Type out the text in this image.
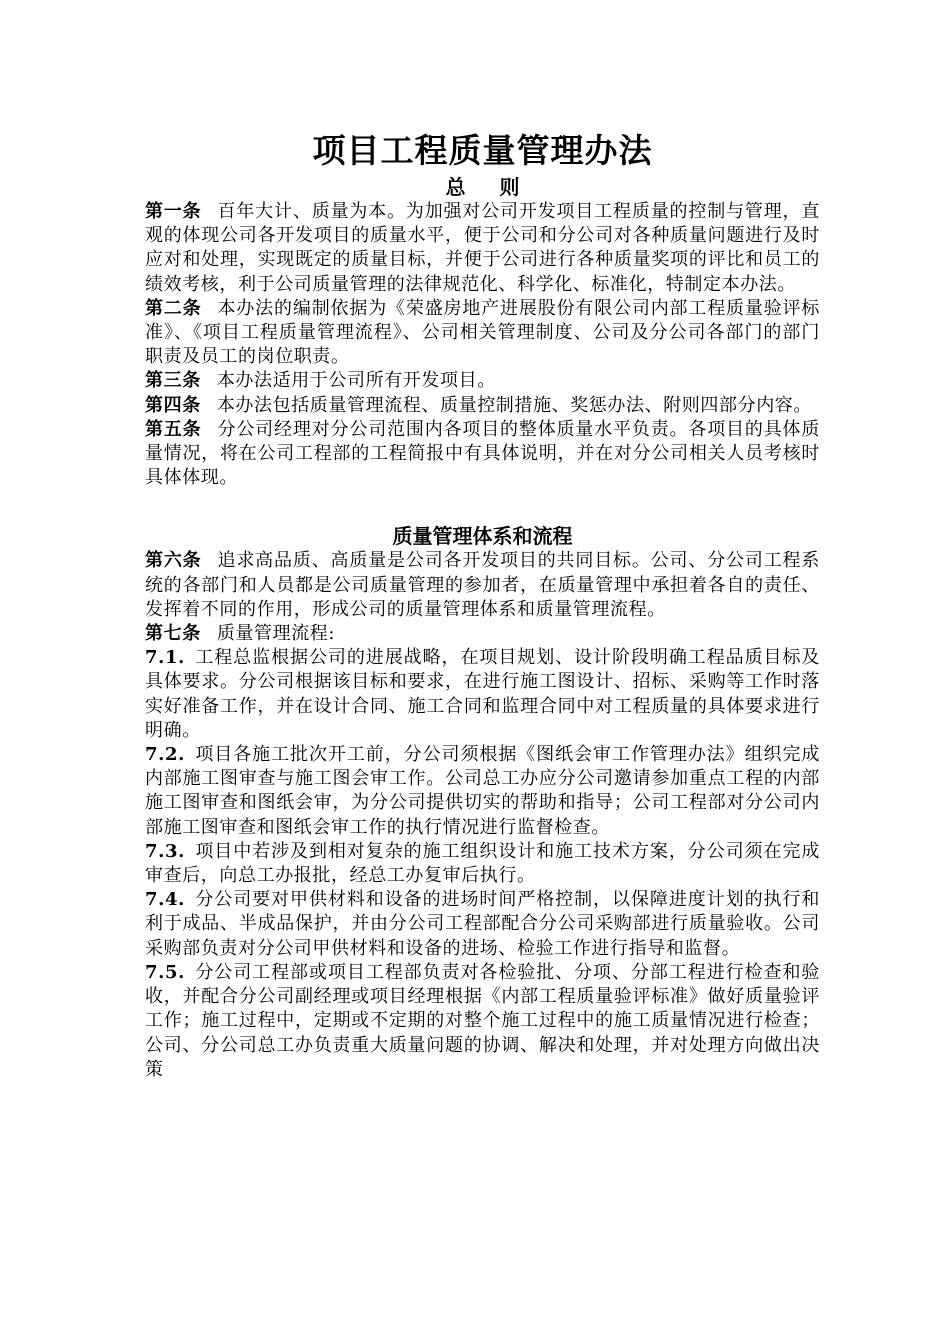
项目工程质量管理办法
总则

第一条 百年大计、质量为本。为加强对公司开发项目工程质量的控制与管理，直观的体现公司各开发项目的质量水平，便于公司和分公司对各种质量问题进行及时应对和处理，实现既定的质量目标，并便于公司进行各种质量奖项的评比和员工的绩效考核，利于公司质量管理的法律规范化、科学化、标准化，特制定本办法。

第二条 本办法的编制依据为《荣盛房地产进展股份有限公司内部工程质量验评标准》、《项目工程质量管理流程》、公司相关管理制度、公司及分公司各部门的部门职责及员工的岗位职责。

第三条 本办法适用于公司所有开发项目。

第四条 本办法包括质量管理流程、质量控制措施、奖惩办法、附则四部分内容。

第五条 分公司经理对分公司范围内各项目的整体质量水平负责。各项目的具体质量情况，将在公司工程部的工程简报中有具体说明，并在对分公司相关人员考核时具体体现。

质量管理体系和流程

第六条 追求高品质、高质量是公司各开发项目的共同目标。公司、分公司工程系统的各部门和人员都是公司质量管理的参加者，在质量管理中承担着各自的责任、发挥着不同的作用，形成公司的质量管理体系和质量管理流程。

第七条 质量管理流程:

7.1. 工程总监根据公司的进展战略，在项目规划、设计阶段明确工程品质目标及具体要求。分公司根据该目标和要求，在进行施工图设计、招标、采购等工作时落实好准备工作，并在设计合同、施工合同和监理合同中对工程质量的具体要求进行明确。

7.2. 项目各施工批次开工前，分公司须根据《图纸会审工作管理办法》组织完成内部施工图审查与施工图会审工作。公司总工办应分公司邀请参加重点工程的内部施工图审查和图纸会审，为分公司提供切实的帮助和指导；公司工程部对分公司内部施工图审查和图纸会审工作的执行情况进行监督检查。

7.3. 项目中若涉及到相对复杂的施工组织设计和施工技术方案，分公司须在完成审查后，向总工办报批，经总工办复审后执行。

7.4. 分公司要对甲供材料和设备的进场时间严格控制，以保障进度计划的执行和利于成品、半成品保护，并由分公司工程部配合分公司采购部进行质量验收。公司采购部负责对分公司甲供材料和设备的进场、检验工作进行指导和监督。

7.5. 分公司工程部或项目工程部负责对各检验批、分项、分部工程进行检查和验收，并配合分公司副经理或项目经理根据《内部工程质量验评标准》做好质量验评工作；施工过程中，定期或不定期的对整个施工过程中的施工质量情况进行检查；公司、分公司总工办负责重大质量问题的协调、解决和处理，并对处理方向做出决策
